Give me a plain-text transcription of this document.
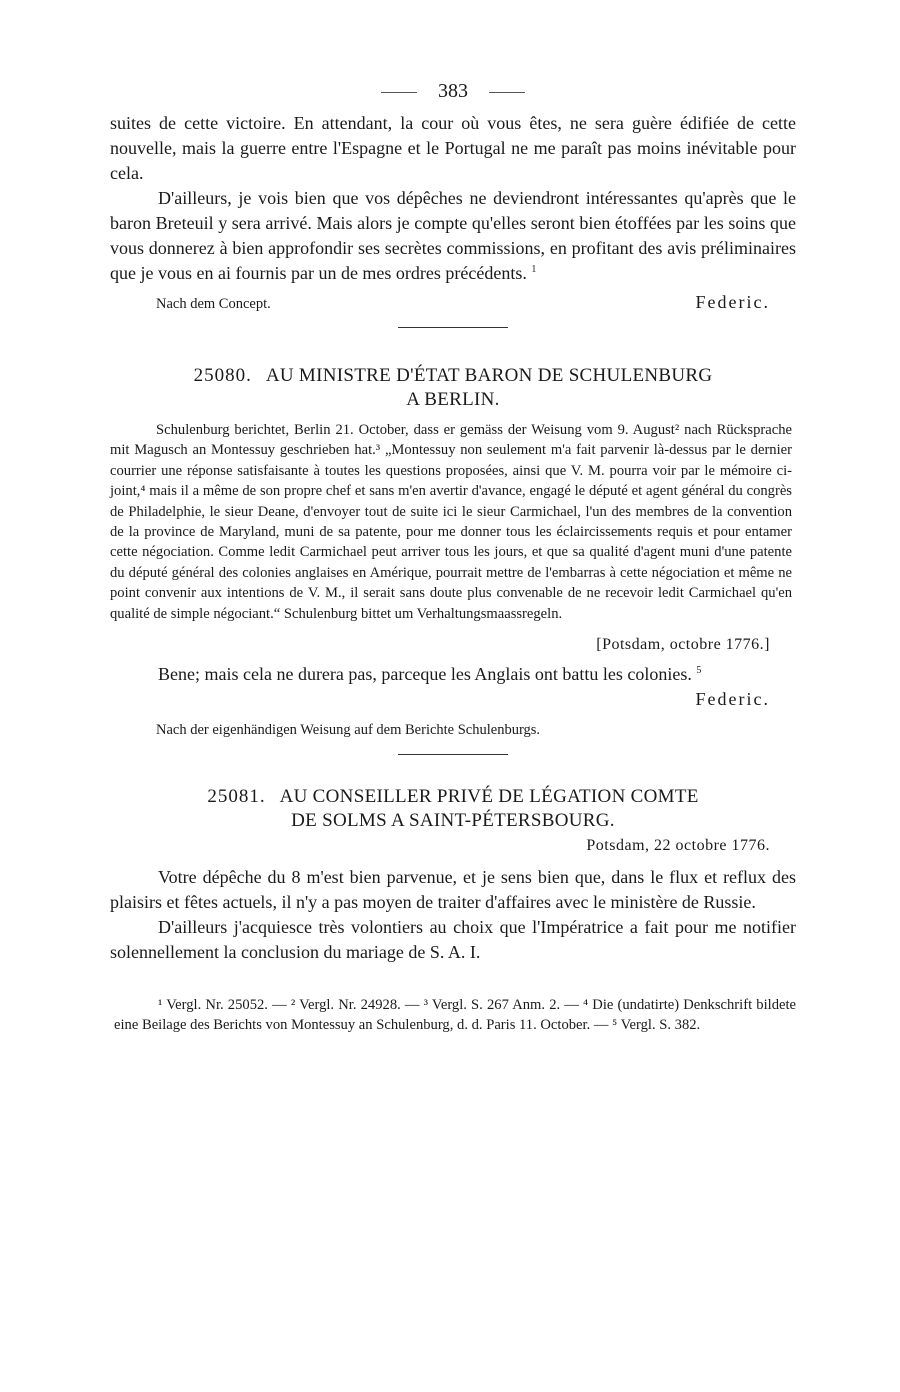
383

suites de cette victoire. En attendant, la cour où vous êtes, ne sera guère édifiée de cette nouvelle, mais la guerre entre l'Espagne et le Portugal ne me paraît pas moins inévitable pour cela.

D'ailleurs, je vois bien que vos dépêches ne deviendront intéressantes qu'après que le baron Breteuil y sera arrivé. Mais alors je compte qu'elles seront bien étoffées par les soins que vous donnerez à bien approfondir ses secrètes commissions, en profitant des avis préliminaires que je vous en ai fournis par un de mes ordres précédents. $^1$

Nach dem Concept.	Federic.
25080. AU MINISTRE D'ÉTAT BARON DE SCHULENBURG
A BERLIN.

Schulenburg berichtet, Berlin 21. October, dass er gemäss der Weisung vom 9. August² nach Rücksprache mit Magusch an Montessuy geschrieben hat.³ „Montessuy non seulement m'a fait parvenir là-dessus par le dernier courrier une réponse satisfaisante à toutes les questions proposées, ainsi que V. M. pourra voir par le mémoire ci-joint,⁴ mais il a même de son propre chef et sans m'en avertir d'avance, engagé le député et agent général du congrès de Philadelphie, le sieur Deane, d'envoyer tout de suite ici le sieur Carmichael, l'un des membres de la convention de la province de Maryland, muni de sa patente, pour me donner tous les éclaircissements requis et pour entamer cette négociation. Comme ledit Carmichael peut arriver tous les jours, et que sa qualité d'agent muni d'une patente du député général des colonies anglaises en Amérique, pourrait mettre de l'embarras à cette négociation et même ne point convenir aux intentions de V. M., il serait sans doute plus convenable de ne recevoir ledit Carmichael qu'en qualité de simple négociant.“ Schulenburg bittet um Verhaltungsmaassregeln.

[Potsdam, octobre 1776.]

Bene; mais cela ne durera pas, parceque les Anglais ont battu les colonies. $^5$

Federic.
Nach der eigenhändigen Weisung auf dem Berichte Schulenburgs.
25081. AU CONSEILLER PRIVÉ DE LÉGATION COMTE
DE SOLMS A SAINT-PÉTERSBOURG.
Potsdam, 22 octobre 1776.

Votre dépêche du 8 m'est bien parvenue, et je sens bien que, dans le flux et reflux des plaisirs et fêtes actuels, il n'y a pas moyen de traiter d'affaires avec le ministère de Russie.

D'ailleurs j'acquiesce très volontiers au choix que l'Impératrice a fait pour me notifier solennellement la conclusion du mariage de S. A. I.

¹ Vergl. Nr. 25052. — ² Vergl. Nr. 24928. — ³ Vergl. S. 267 Anm. 2. — ⁴ Die (undatirte) Denkschrift bildete eine Beilage des Berichts von Montessuy an Schulenburg, d. d. Paris 11. October. — ⁵ Vergl. S. 382.
